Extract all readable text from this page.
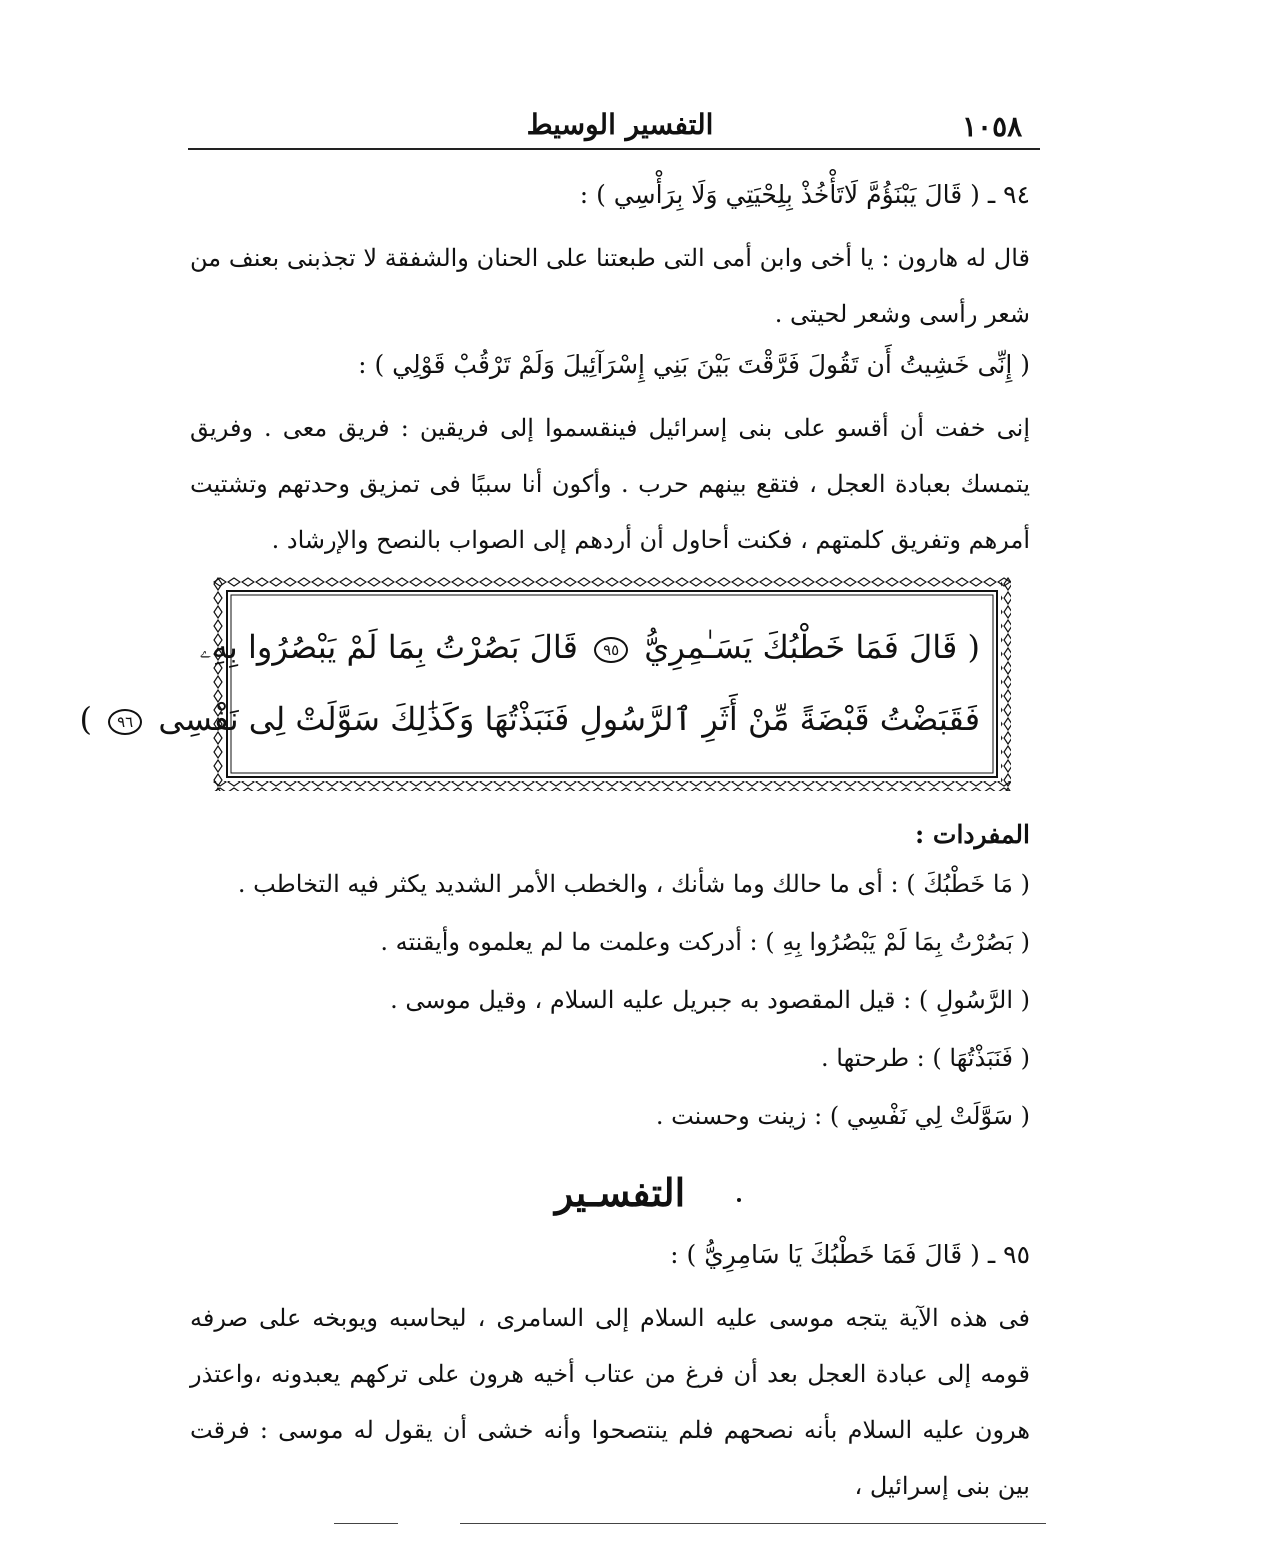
١٠٥٨
التفسير الوسيط
٩٤ ـ ( قَالَ يَبْنَؤُمَّ لَاتَأْخُذْ بِلِحْيَتِي وَلَا بِرَأْسِي ) :
قال له هارون : يا أخى وابن أمى التى طبعتنا على الحنان والشفقة لا تجذبنى بعنف من شعر رأسى وشعر لحيتى .
( إِنِّى خَشِيتُ أَن تَقُولَ فَرَّقْتَ بَيْنَ بَنِي إِسْرَآئِيلَ وَلَمْ تَرْقُبْ قَوْلِي ) :
إنى خفت أن أقسو على بنى إسرائيل فينقسموا إلى فريقين : فريق معى . وفريق يتمسك بعبادة العجل ، فتقع بينهم حرب . وأكون أنا سببًا فى تمزيق وحدتهم وتشتيت أمرهم وتفريق كلمتهم ، فكنت أحاول أن أردهم إلى الصواب بالنصح والإرشاد .
( قَالَ فَمَا خَطْبُكَ يَسَـٰمِرِيُّ ٩٥ قَالَ بَصُرْتُ بِمَا لَمْ يَبْصُرُوا بِهِۦ
فَقَبَضْتُ قَبْضَةً مِّنْ أَثَرِ ٱلرَّسُولِ فَنَبَذْتُهَا وَكَذَٰلِكَ سَوَّلَتْ لِى نَفْسِى ٩٦ )
المفردات :
( مَا خَطْبُكَ ) : أى ما حالك وما شأنك ، والخطب الأمر الشديد يكثر فيه التخاطب .
( بَصُرْتُ بِمَا لَمْ يَبْصُرُوا بِهِ ) : أدركت وعلمت ما لم يعلموه وأيقنته .
( الرَّسُولِ ) : قيل المقصود به جبريل عليه السلام ، وقيل موسى .
( فَنَبَذْتُهَا ) : طرحتها .
( سَوَّلَتْ لِي نَفْسِي ) : زينت وحسنت .
التفسـير
٩٥ ـ ( قَالَ فَمَا خَطْبُكَ يَا سَامِرِيُّ ) :
فى هذه الآية يتجه موسى عليه السلام إلى السامرى ، ليحاسبه ويوبخه على صرفه قومه إلى عبادة العجل بعد أن فرغ من عتاب أخيه هرون على تركهم يعبدونه ،واعتذر هرون عليه السلام بأنه نصحهم فلم ينتصحوا وأنه خشى أن يقول له موسى : فرقت بين بنى إسرائيل ،
